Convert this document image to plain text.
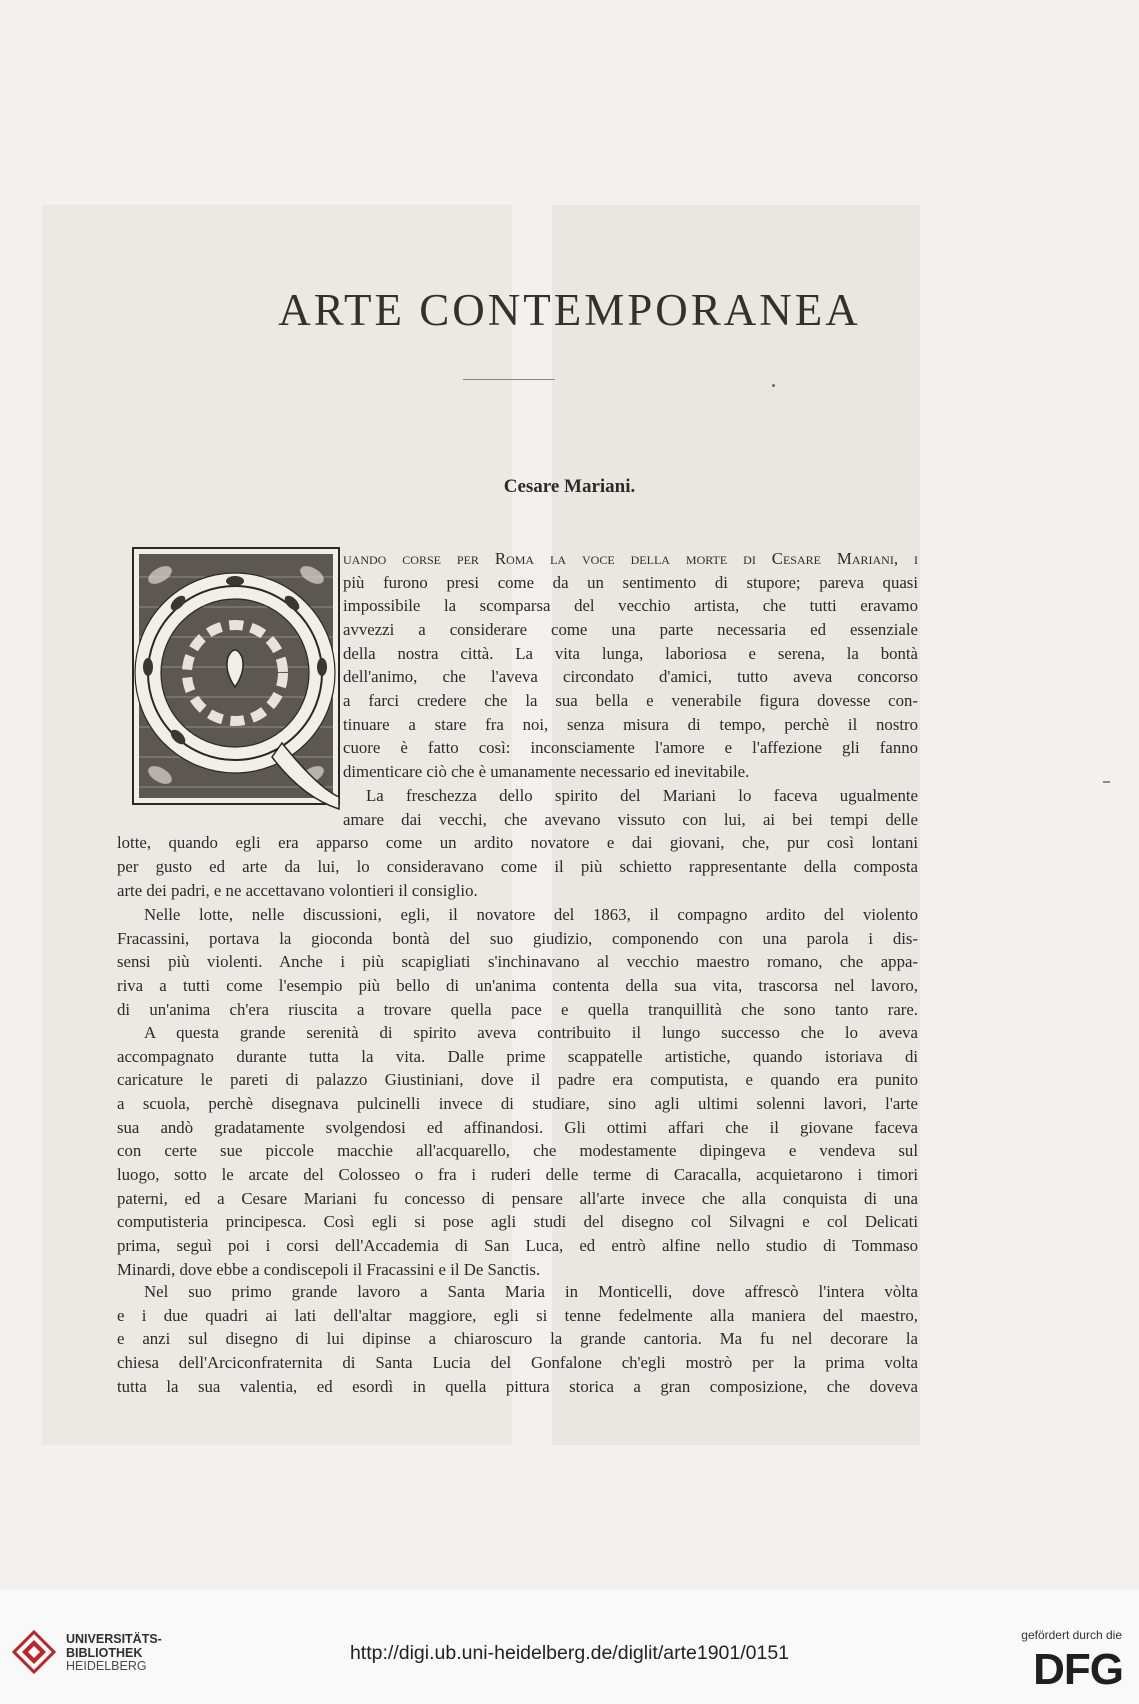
ARTE CONTEMPORANEA
Cesare Mariani.
uando corse per Roma la voce della morte di Cesare Mariani, i
più furono presi come da un sentimento di stupore; pareva quasi
impossibile la scomparsa del vecchio artista, che tutti eravamo
avvezzi a considerare come una parte necessaria ed essenziale
della nostra città. La vita lunga, laboriosa e serena, la bontà
dell'animo, che l'aveva circondato d'amici, tutto aveva concorso
a farci credere che la sua bella e venerabile figura dovesse con-
tinuare a stare fra noi, senza misura di tempo, perchè il nostro
cuore è fatto così: inconsciamente l'amore e l'affezione gli fanno
dimenticare ciò che è umanamente necessario ed inevitabile.
La freschezza dello spirito del Mariani lo faceva ugualmente
amare dai vecchi, che avevano vissuto con lui, ai bei tempi delle
lotte, quando egli era apparso come un ardito novatore e dai giovani, che, pur così lontani
per gusto ed arte da lui, lo consideravano come il più schietto rappresentante della composta
arte dei padri, e ne accettavano volontieri il consiglio.
Nelle lotte, nelle discussioni, egli, il novatore del 1863, il compagno ardito del violento
Fracassini, portava la gioconda bontà del suo giudizio, componendo con una parola i dis-
sensi più violenti. Anche i più scapigliati s'inchinavano al vecchio maestro romano, che appa-
riva a tutti come l'esempio più bello di un'anima contenta della sua vita, trascorsa nel lavoro,
di un'anima ch'era riuscita a trovare quella pace e quella tranquillità che sono tanto rare.
A questa grande serenità di spirito aveva contribuito il lungo successo che lo aveva
accompagnato durante tutta la vita. Dalle prime scappatelle artistiche, quando istoriava di
caricature le pareti di palazzo Giustiniani, dove il padre era computista, e quando era punito
a scuola, perchè disegnava pulcinelli invece di studiare, sino agli ultimi solenni lavori, l'arte
sua andò gradatamente svolgendosi ed affinandosi. Gli ottimi affari che il giovane faceva
con certe sue piccole macchie all'acquarello, che modestamente dipingeva e vendeva sul
luogo, sotto le arcate del Colosseo o fra i ruderi delle terme di Caracalla, acquietarono i timori
paterni, ed a Cesare Mariani fu concesso di pensare all'arte invece che alla conquista di una
computisteria principesca. Così egli si pose agli studi del disegno col Silvagni e col Delicati
prima, seguì poi i corsi dell'Accademia di San Luca, ed entrò alfine nello studio di Tommaso
Minardi, dove ebbe a condiscepoli il Fracassini e il De Sanctis.
Nel suo primo grande lavoro a Santa Maria in Monticelli, dove affrescò l'intera vòlta
e i due quadri ai lati dell'altar maggiore, egli si tenne fedelmente alla maniera del maestro,
e anzi sul disegno di lui dipinse a chiaroscuro la grande cantoria. Ma fu nel decorare la
chiesa dell'Arciconfraternita di Santa Lucia del Gonfalone ch'egli mostrò per la prima volta
tutta la sua valentia, ed esordì in quella pittura storica a gran composizione, che doveva

UNIVERSITÄTS-
BIBLIOTHEK
HEIDELBERG

http://digi.ub.uni-heidelberg.de/diglit/arte1901/0151
gefördert durch die
DFG
